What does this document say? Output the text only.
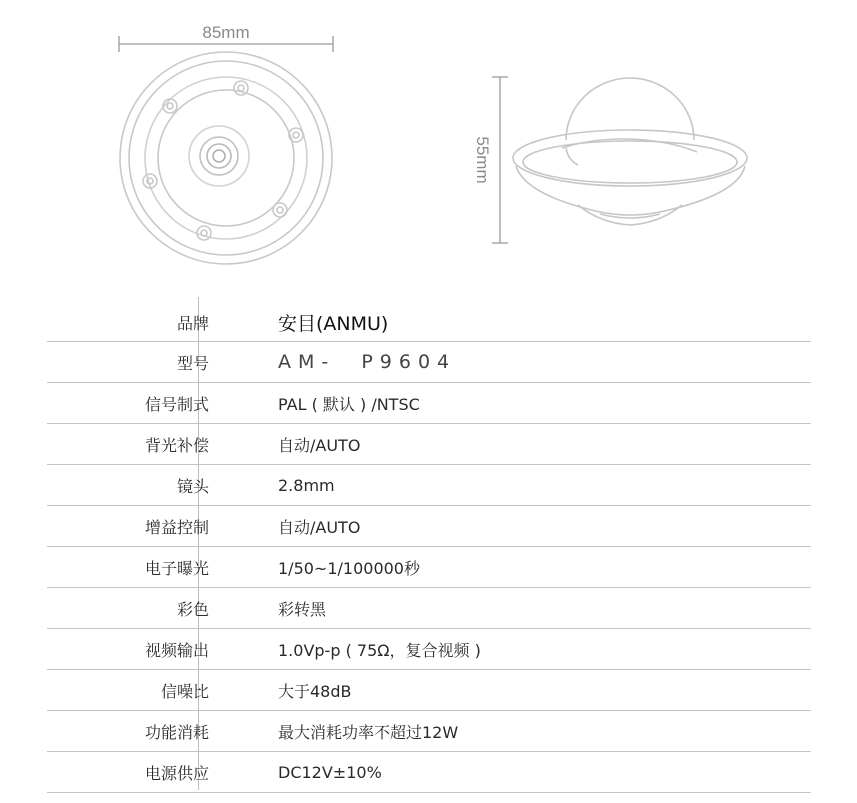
85mm
55mm
品牌	安目(ANMU)
型号	AM-  P9604
信号制式	PAL ( 默认 ) /NTSC
背光补偿	自动/AUTO
镜头	2.8mm
增益控制	自动/AUTO
电子曝光	1/50~1/100000秒
彩色	彩转黑
视频输出	1.0Vp-p ( 75Ω，复合视频 )
信噪比	大于48dB
功能消耗	最大消耗功率不超过12W
电源供应	DC12V±10%
